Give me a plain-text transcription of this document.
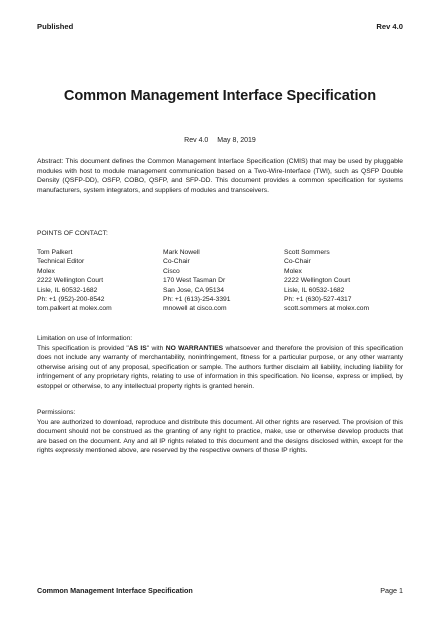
Published	Rev 4.0
Common Management Interface Specification
Rev 4.0 May 8, 2019
Abstract: This document defines the Common Management Interface Specification (CMIS) that may be used by pluggable modules with host to module management communication based on a Two-Wire-Interface (TWI), such as QSFP Double Density (QSFP-DD), OSFP, COBO, QSFP, and SFP-DD. This document provides a common specification for systems manufacturers, system integrators, and suppliers of modules and transceivers.
POINTS OF CONTACT:
Tom Palkert
Technical Editor
Molex
2222 Wellington Court
Lisle, IL 60532-1682
Ph: +1 (952)-200-8542
tom.palkert at molex.com
Mark Nowell
Co-Chair
Cisco
170 West Tasman Dr
San Jose, CA 95134
Ph: +1 (613)-254-3391
mnowell at cisco.com
Scott Sommers
Co-Chair
Molex
2222 Wellington Court
Lisle, IL 60532-1682
Ph: +1 (630)-527-4317
scott.sommers at molex.com
Limitation on use of Information:
This specification is provided "AS IS" with NO WARRANTIES whatsoever and therefore the provision of this specification does not include any warranty of merchantability, noninfringement, fitness for a particular purpose, or any other warranty otherwise arising out of any proposal, specification or sample. The authors further disclaim all liability, including liability for infringement of any proprietary rights, relating to use of information in this specification. No license, express or implied, by estoppel or otherwise, to any intellectual property rights is granted herein.
Permissions:
You are authorized to download, reproduce and distribute this document. All other rights are reserved. The provision of this document should not be construed as the granting of any right to practice, make, use or otherwise develop products that are based on the document. Any and all IP rights related to this document and the designs disclosed within, except for the rights expressly mentioned above, are reserved by the respective owners of those IP rights.
Common Management Interface Specification	Page 1
